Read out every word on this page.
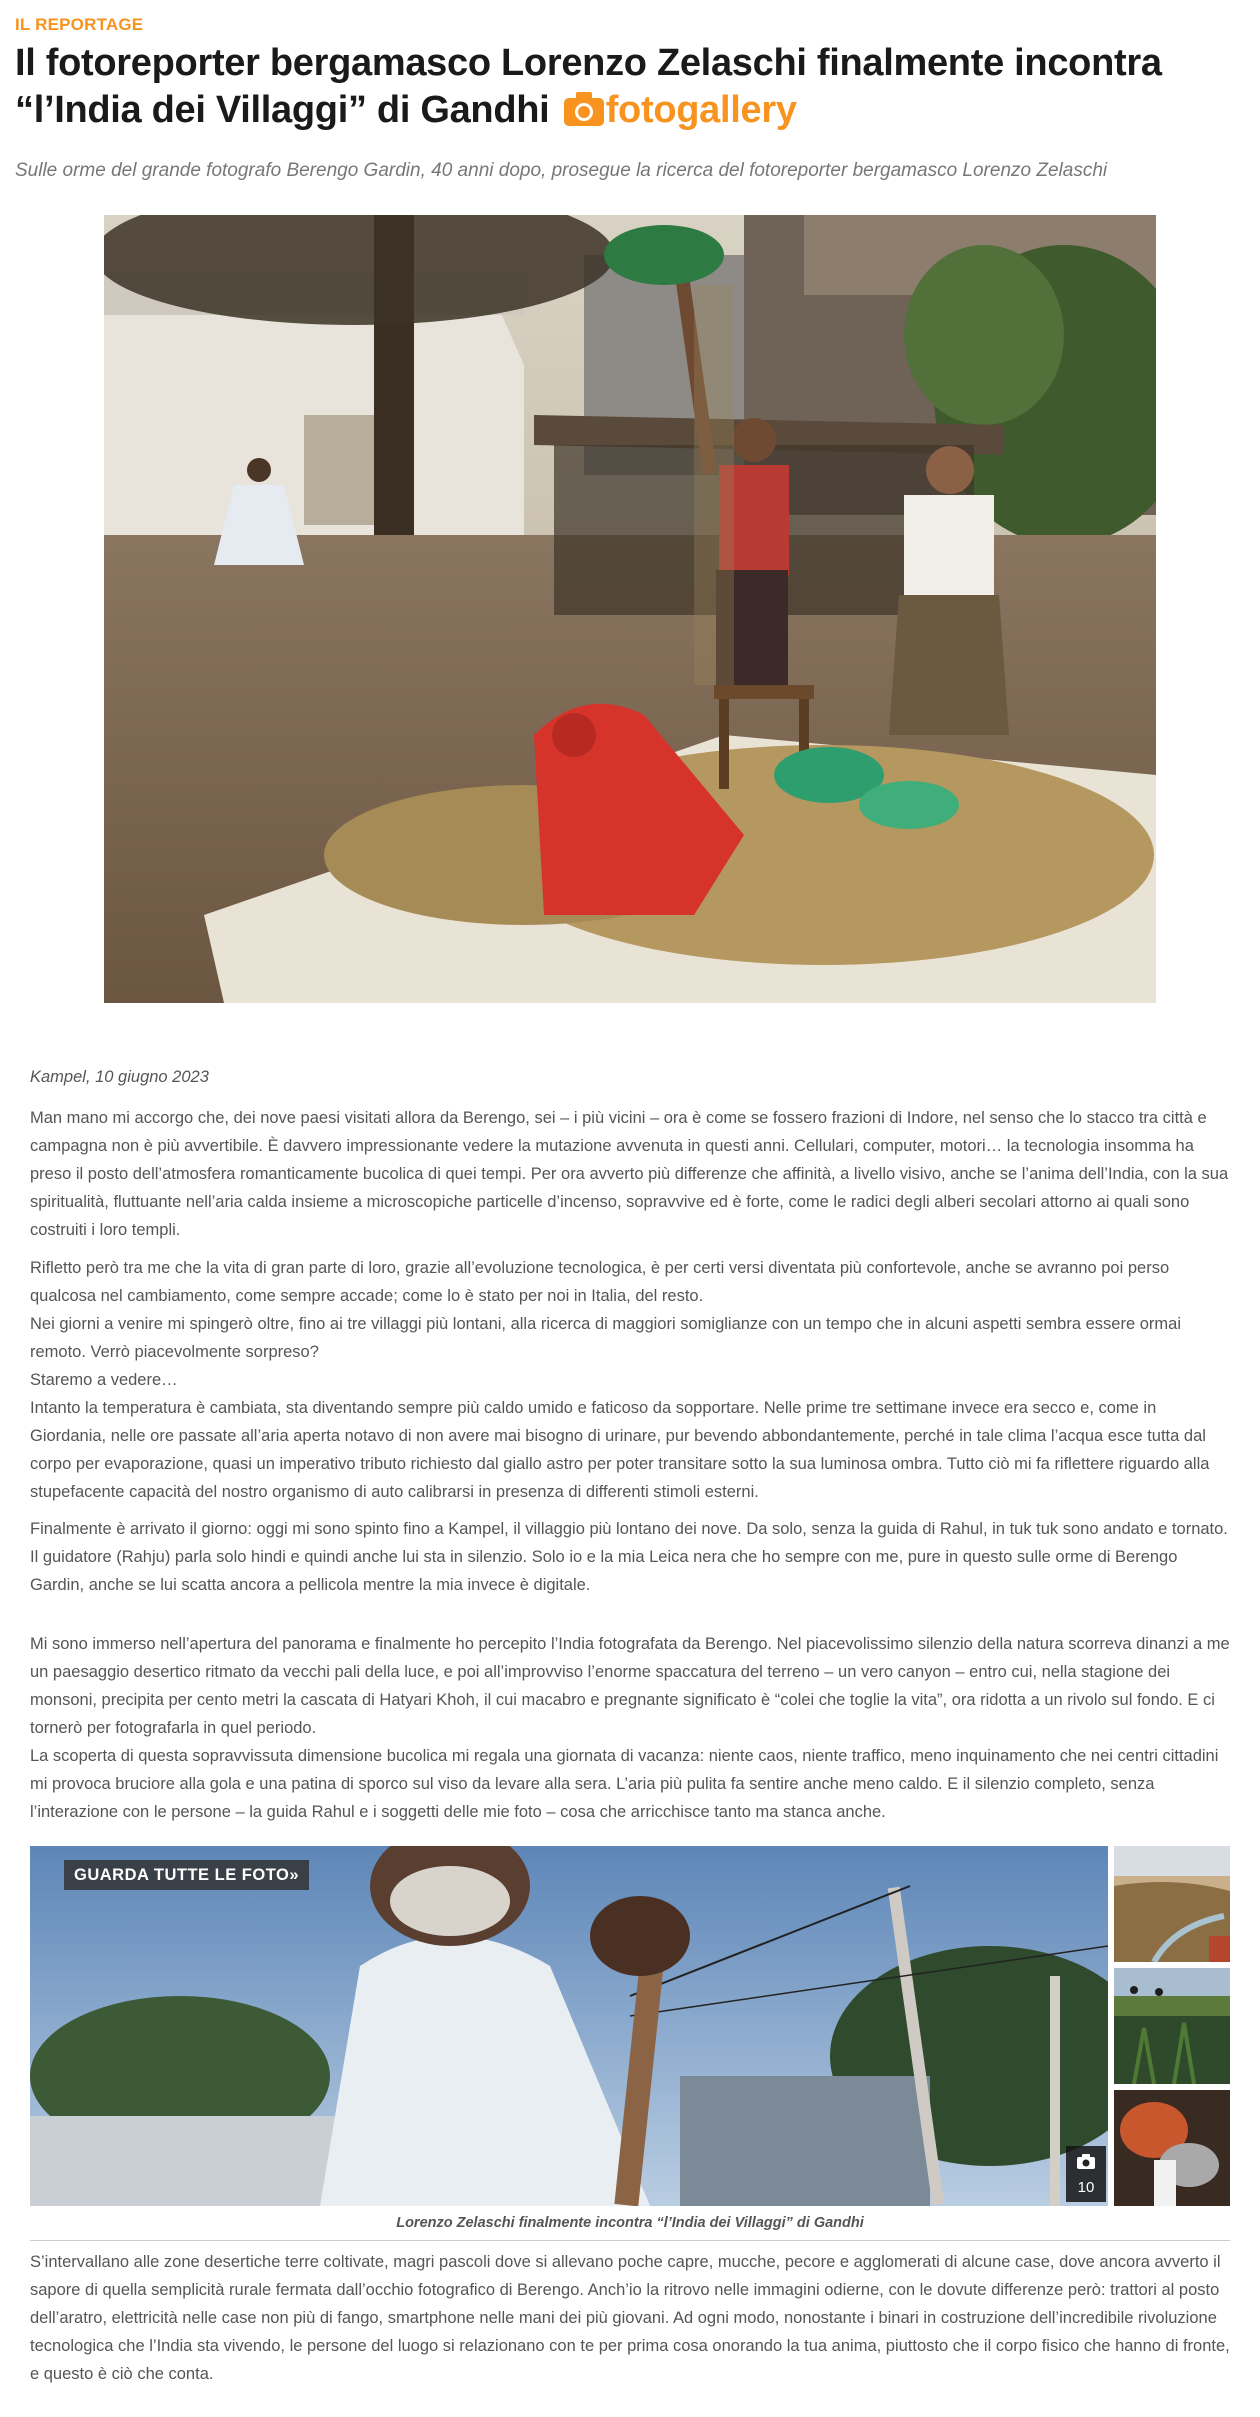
IL REPORTAGE
Il fotoreporter bergamasco Lorenzo Zelaschi finalmente incontra “l’India dei Villaggi” di Gandhi fotogallery

Sulle orme del grande fotografo Berengo Gardin, 40 anni dopo, prosegue la ricerca del fotoreporter bergamasco Lorenzo Zelaschi

Kampel, 10 giugno 2023

Man mano mi accorgo che, dei nove paesi visitati allora da Berengo, sei – i più vicini – ora è come se fossero frazioni di Indore, nel senso che lo stacco tra città e campagna non è più avvertibile. È davvero impressionante vedere la mutazione avvenuta in questi anni. Cellulari, computer, motori… la tecnologia insomma ha preso il posto dell’atmosfera romanticamente bucolica di quei tempi. Per ora avverto più differenze che affinità, a livello visivo, anche se l’anima dell’India, con la sua spiritualità, fluttuante nell’aria calda insieme a microscopiche particelle d’incenso, sopravvive ed è forte, come le radici degli alberi secolari attorno ai quali sono costruiti i loro templi.

Rifletto però tra me che la vita di gran parte di loro, grazie all’evoluzione tecnologica, è per certi versi diventata più confortevole, anche se avranno poi perso qualcosa nel cambiamento, come sempre accade; come lo è stato per noi in Italia, del resto.
Nei giorni a venire mi spingerò oltre, fino ai tre villaggi più lontani, alla ricerca di maggiori somiglianze con un tempo che in alcuni aspetti sembra essere ormai remoto. Verrò piacevolmente sorpreso?
Staremo a vedere…
Intanto la temperatura è cambiata, sta diventando sempre più caldo umido e faticoso da sopportare. Nelle prime tre settimane invece era secco e, come in Giordania, nelle ore passate all’aria aperta notavo di non avere mai bisogno di urinare, pur bevendo abbondantemente, perché in tale clima l’acqua esce tutta dal corpo per evaporazione, quasi un imperativo tributo richiesto dal giallo astro per poter transitare sotto la sua luminosa ombra. Tutto ciò mi fa riflettere riguardo alla stupefacente capacità del nostro organismo di auto calibrarsi in presenza di differenti stimoli esterni.

Finalmente è arrivato il giorno: oggi mi sono spinto fino a Kampel, il villaggio più lontano dei nove. Da solo, senza la guida di Rahul, in tuk tuk sono andato e tornato. Il guidatore (Rahju) parla solo hindi e quindi anche lui sta in silenzio. Solo io e la mia Leica nera che ho sempre con me, pure in questo sulle orme di Berengo Gardin, anche se lui scatta ancora a pellicola mentre la mia invece è digitale.

Mi sono immerso nell’apertura del panorama e finalmente ho percepito l’India fotografata da Berengo. Nel piacevolissimo silenzio della natura scorreva dinanzi a me un paesaggio desertico ritmato da vecchi pali della luce, e poi all’improvviso l’enorme spaccatura del terreno – un vero canyon – entro cui, nella stagione dei monsoni, precipita per cento metri la cascata di Hatyari Khoh, il cui macabro e pregnante significato è “colei che toglie la vita”, ora ridotta a un rivolo sul fondo. E ci tornerò per fotografarla in quel periodo.
La scoperta di questa sopravvissuta dimensione bucolica mi regala una giornata di vacanza: niente caos, niente traffico, meno inquinamento che nei centri cittadini mi provoca bruciore alla gola e una patina di sporco sul viso da levare alla sera. L’aria più pulita fa sentire anche meno caldo. E il silenzio completo, senza l’interazione con le persone – la guida Rahul e i soggetti delle mie foto – cosa che arricchisce tanto ma stanca anche.

GUARDA TUTTE LE FOTO»
10
Lorenzo Zelaschi finalmente incontra “l’India dei Villaggi” di Gandhi

S’intervallano alle zone desertiche terre coltivate, magri pascoli dove si allevano poche capre, mucche, pecore e agglomerati di alcune case, dove ancora avverto il sapore di quella semplicità rurale fermata dall’occhio fotografico di Berengo. Anch’io la ritrovo nelle immagini odierne, con le dovute differenze però: trattori al posto dell’aratro, elettricità nelle case non più di fango, smartphone nelle mani dei più giovani. Ad ogni modo, nonostante i binari in costruzione dell’incredibile rivoluzione tecnologica che l’India sta vivendo, le persone del luogo si relazionano con te per prima cosa onorando la tua anima, piuttosto che il corpo fisico che hanno di fronte, e questo è ciò che conta.
